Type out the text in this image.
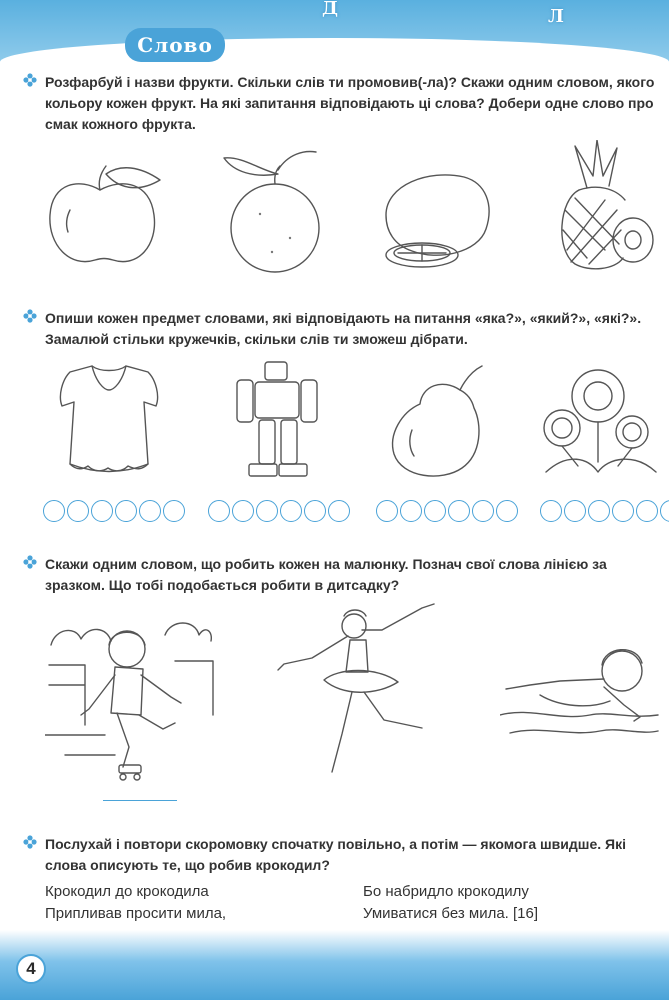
Д	Л
Слово
Розфарбуй і назви фрукти. Скільки слів ти промовив(-ла)? Скажи одним словом, якого кольору кожен фрукт. На які запитання відповідають ці слова? Добери одне слово про смак кожного фрукта.
Опиши кожен предмет словами, які відповідають на питання «яка?», «який?», «які?». Замалюй стільки кружечків, скільки слів ти зможеш дібрати.
Скажи одним словом, що робить кожен на малюнку. Познач свої слова лінією за зразком. Що тобі подобається робити в дитсадку?
Послухай і повтори скоромовку спочатку повільно, а потім — якомога швидше. Які слова описують те, що робив крокодил?
Крокодил до крокодила
Припливав просити мила,
Бо набридло крокодилу
Умиватися без мила. [16]
4
